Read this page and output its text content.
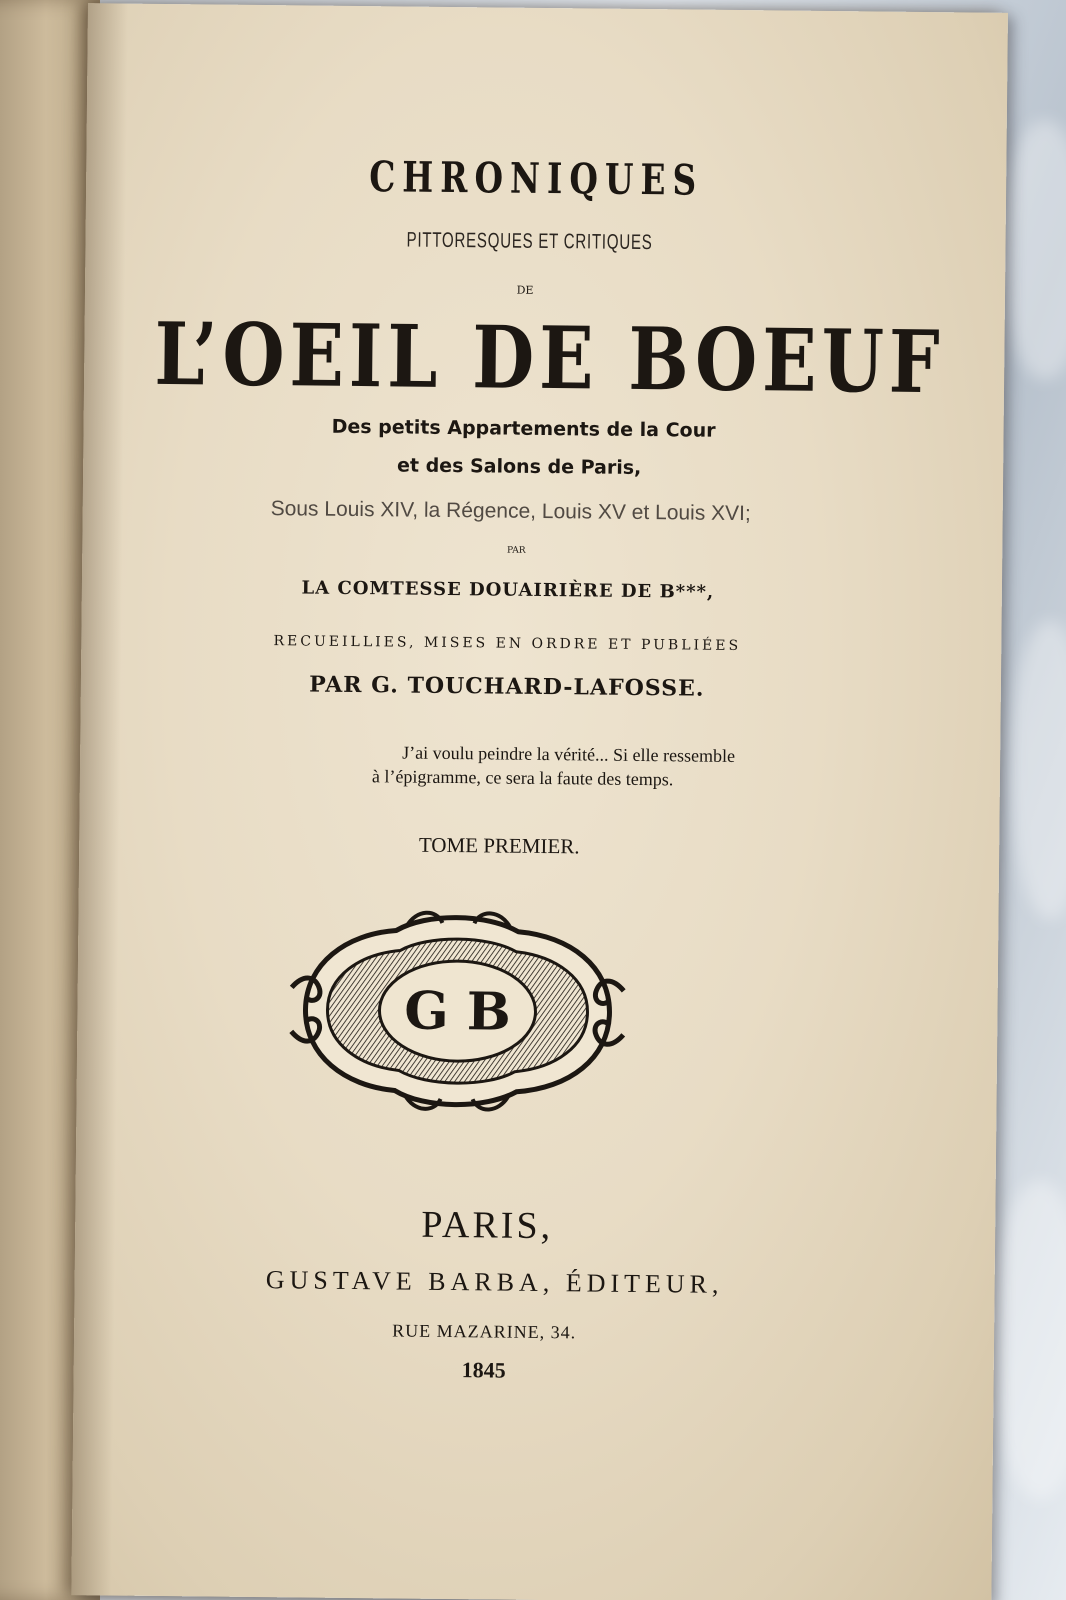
CHRONIQUES
PITTORESQUES ET CRITIQUES
DE
L’OEIL DE BOEUF
Des petits Appartements de la Cour
et des Salons de Paris,
Sous Louis XIV, la Régence, Louis XV et Louis XVI;
PAR
LA COMTESSE DOUAIRIÈRE DE B***,
RECUEILLIES, MISES EN ORDRE ET PUBLIÉES
PAR G. TOUCHARD-LAFOSSE.
J’ai voulu peindre la vérité... Si elle ressemble
à l’épigramme, ce sera la faute des temps.
TOME PREMIER.
G B
PARIS,
GUSTAVE BARBA, ÉDITEUR,
RUE MAZARINE, 34.
1845
